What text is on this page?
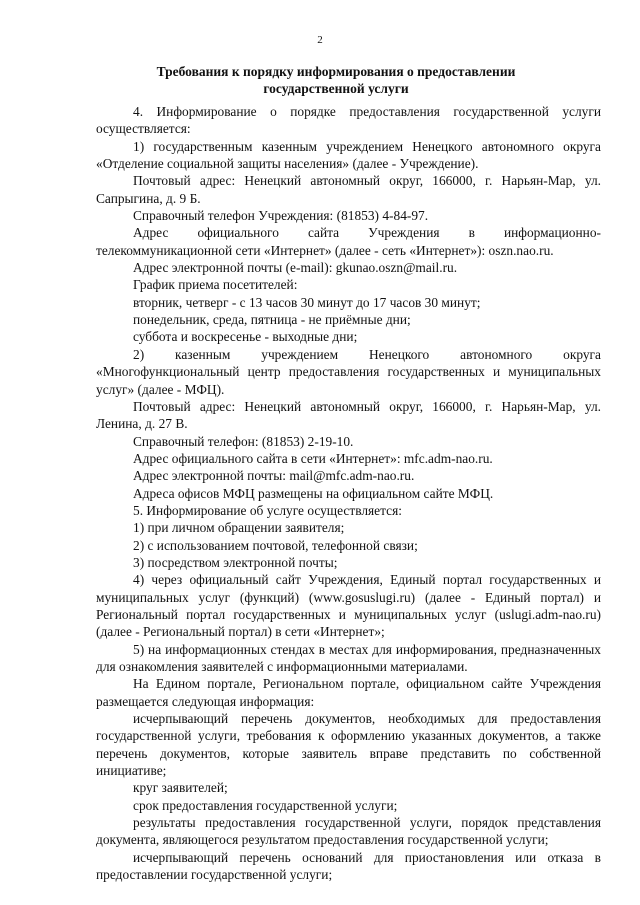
2
Требования к порядку информирования о предоставлении
государственной услуги

4. Информирование о порядке предоставления государственной услуги осуществляется:

1) государственным казенным учреждением Ненецкого автономного округа «Отделение социальной защиты населения» (далее - Учреждение).

Почтовый адрес: Ненецкий автономный округ, 166000, г. Нарьян-Мар, ул. Сапрыгина, д. 9 Б.

Справочный телефон Учреждения: (81853) 4-84-97.

Адрес официального сайта Учреждения в информационно-телекоммуникационной сети «Интернет» (далее - сеть «Интернет»): oszn.nao.ru.

Адрес электронной почты (e-mail): gkunao.oszn@mail.ru.

График приема посетителей:

вторник, четверг - с 13 часов 30 минут до 17 часов 30 минут;

понедельник, среда, пятница - не приёмные дни;

суббота и воскресенье - выходные дни;

2) казенным учреждением Ненецкого автономного округа «Многофункциональный центр предоставления государственных и муниципальных услуг» (далее - МФЦ).

Почтовый адрес: Ненецкий автономный округ, 166000, г. Нарьян-Мар, ул. Ленина, д. 27 В.

Справочный телефон: (81853) 2-19-10.

Адрес официального сайта в сети «Интернет»: mfc.adm-nao.ru.

Адрес электронной почты: mail@mfc.adm-nao.ru.

Адреса офисов МФЦ размещены на официальном сайте МФЦ.

5. Информирование об услуге осуществляется:

1) при личном обращении заявителя;

2) с использованием почтовой, телефонной связи;

3) посредством электронной почты;

4) через официальный сайт Учреждения, Единый портал государственных и муниципальных услуг (функций) (www.gosuslugi.ru) (далее - Единый портал) и Региональный портал государственных и муниципальных услуг (uslugi.adm-nao.ru) (далее - Региональный портал) в сети «Интернет»;

5) на информационных стендах в местах для информирования, предназначенных для ознакомления заявителей с информационными материалами.

На Едином портале, Региональном портале, официальном сайте Учреждения размещается следующая информация:

исчерпывающий перечень документов, необходимых для предоставления государственной услуги, требования к оформлению указанных документов, а также перечень документов, которые заявитель вправе представить по собственной инициативе;

круг заявителей;

срок предоставления государственной услуги;

результаты предоставления государственной услуги, порядок представления документа, являющегося результатом предоставления государственной услуги;

исчерпывающий перечень оснований для приостановления или отказа в предоставлении государственной услуги;
